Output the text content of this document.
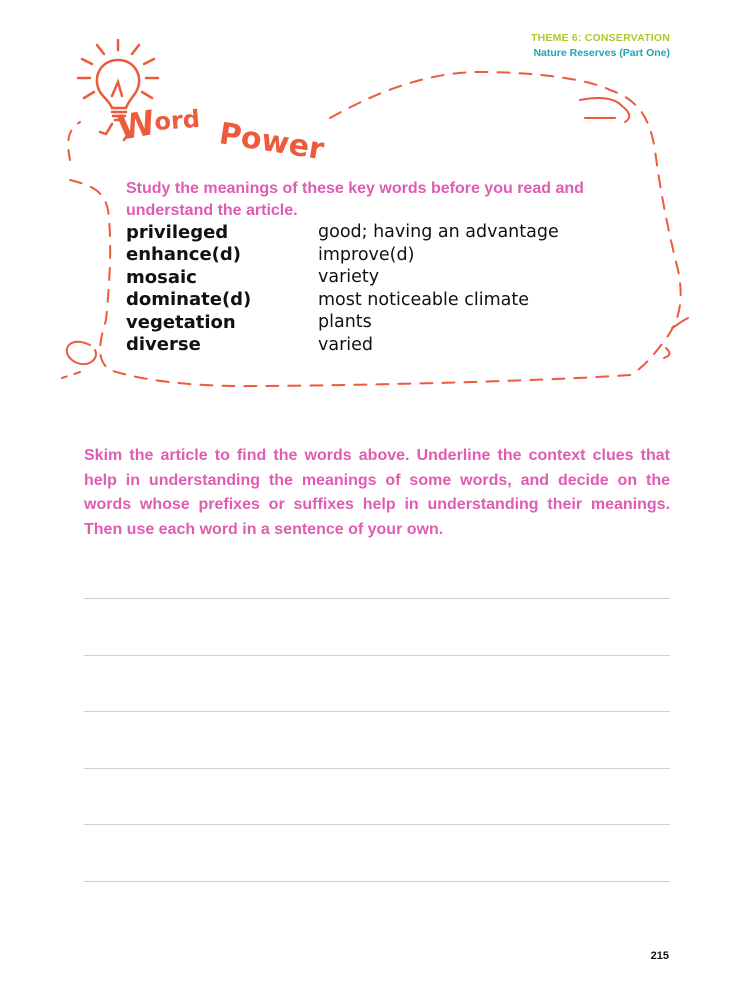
THEME 6: CONSERVATION
Nature Reserves (Part One)
W
ord Power
Study the meanings of these key words before you read and understand the article.
privileged	good; having an advantage
enhance(d)	improve(d)
mosaic	variety
dominate(d)	most noticeable climate
vegetation	plants
diverse	varied
Skim the article to find the words above. Underline the context clues that help in understanding the meanings of some words, and decide on the words whose prefixes or suffixes help in understanding their meanings. Then use each word in a sentence of your own.
215
